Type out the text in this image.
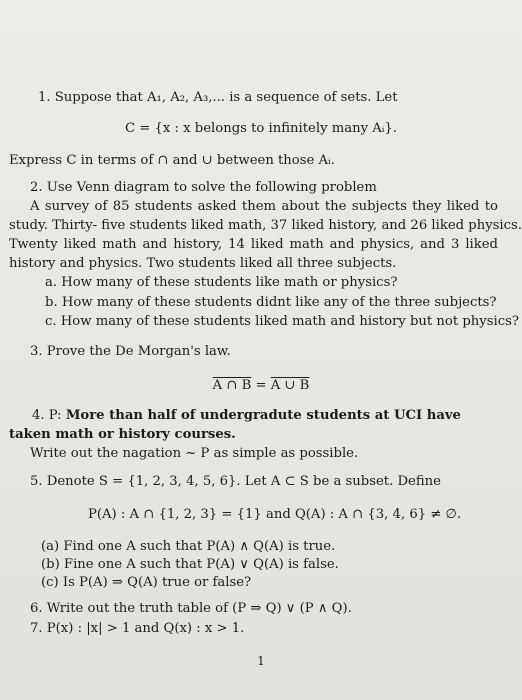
1. Suppose that A₁, A₂, A₃,... is a sequence of sets. Let
C = {x : x belongs to infinitely many Aᵢ}.
Express C in terms of ∩ and ∪ between those Aᵢ.
2. Use Venn diagram to solve the following problem
A survey of 85 students asked them about the subjects they liked to
study. Thirty- five students liked math, 37 liked history, and 26 liked physics.
Twenty liked math and history, 14 liked math and physics, and 3 liked
history and physics. Two students liked all three subjects.
a. How many of these students like math or physics?
b. How many of these students didnt like any of the three subjects?
c. How many of these students liked math and history but not physics?
3. Prove the De Morgan's law.
A ∩ B = A ∪ B
4. P: More than half of undergradute students at UCI have
taken math or history courses.
Write out the nagation ~ P as simple as possible.
5. Denote S = {1, 2, 3, 4, 5, 6}. Let A ⊂ S be a subset. Define
P(A) : A ∩ {1, 2, 3} = {1} and Q(A) : A ∩ {3, 4, 6} ≠ ∅.
(a) Find one A such that P(A) ∧ Q(A) is true.
(b) Fine one A such that P(A) ∨ Q(A) is false.
(c) Is P(A) ⇒ Q(A) true or false?
6. Write out the truth table of (P ⇒ Q) ∨ (P ∧ Q).
7. P(x) : |x| > 1 and Q(x) : x > 1.
1
